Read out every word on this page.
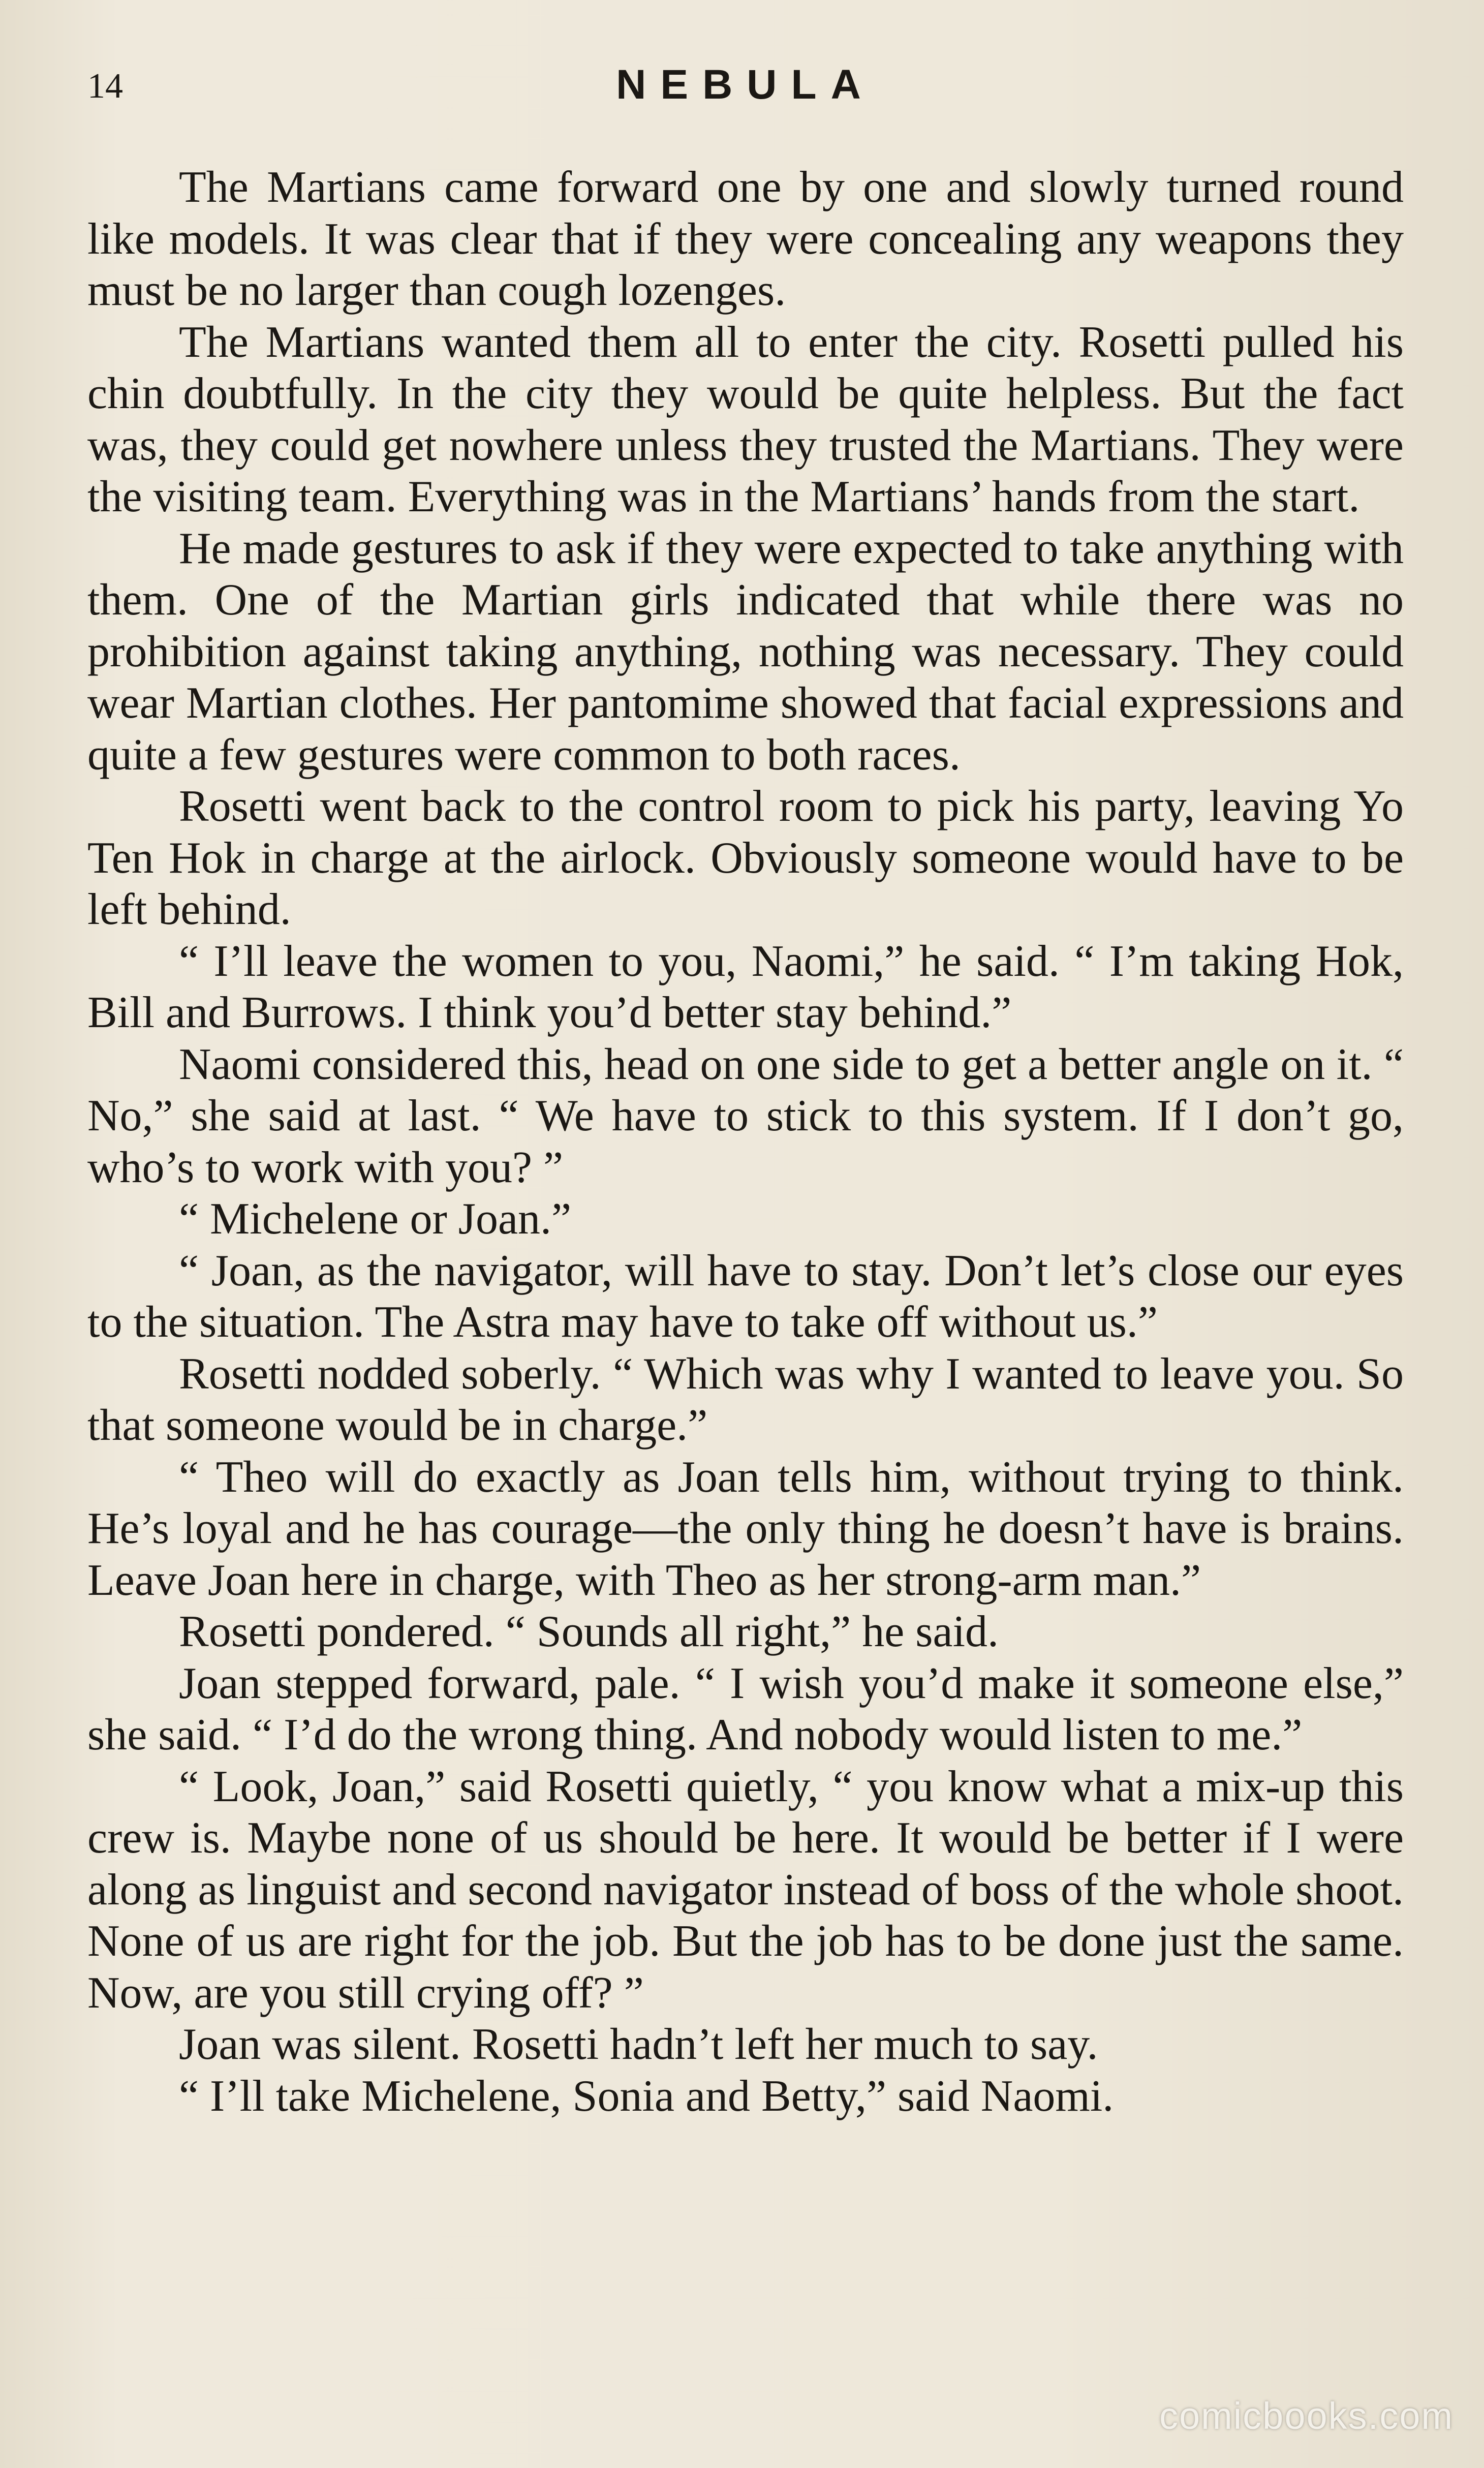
14	NEBULA

The Martians came forward one by one and slowly turned round like models. It was clear that if they were concealing any weapons they must be no larger than cough lozenges.

The Martians wanted them all to enter the city. Rosetti pulled his chin doubtfully. In the city they would be quite helpless. But the fact was, they could get nowhere unless they trusted the Martians. They were the visiting team. Everything was in the Martians’ hands from the start.

He made gestures to ask if they were expected to take anything with them. One of the Martian girls indicated that while there was no prohibition against taking anything, nothing was necessary. They could wear Martian clothes. Her pantomime showed that facial expressions and quite a few gestures were common to both races.

Rosetti went back to the control room to pick his party, leaving Yo Ten Hok in charge at the airlock. Obviously someone would have to be left behind.

“ I’ll leave the women to you, Naomi,” he said. “ I’m taking Hok, Bill and Burrows. I think you’d better stay behind.”

Naomi considered this, head on one side to get a better angle on it. “ No,” she said at last. “ We have to stick to this system. If I don’t go, who’s to work with you? ”

“ Michelene or Joan.”

“ Joan, as the navigator, will have to stay. Don’t let’s close our eyes to the situation. The Astra may have to take off without us.”

Rosetti nodded soberly. “ Which was why I wanted to leave you. So that someone would be in charge.”

“ Theo will do exactly as Joan tells him, without trying to think. He’s loyal and he has courage—the only thing he doesn’t have is brains. Leave Joan here in charge, with Theo as her strong-arm man.”

Rosetti pondered. “ Sounds all right,” he said.

Joan stepped forward, pale. “ I wish you’d make it someone else,” she said. “ I’d do the wrong thing. And nobody would listen to me.”

“ Look, Joan,” said Rosetti quietly, “ you know what a mix-up this crew is. Maybe none of us should be here. It would be better if I were along as linguist and second navigator instead of boss of the whole shoot. None of us are right for the job. But the job has to be done just the same. Now, are you still crying off? ”

Joan was silent. Rosetti hadn’t left her much to say.

“ I’ll take Michelene, Sonia and Betty,” said Naomi.

comicbooks.com
